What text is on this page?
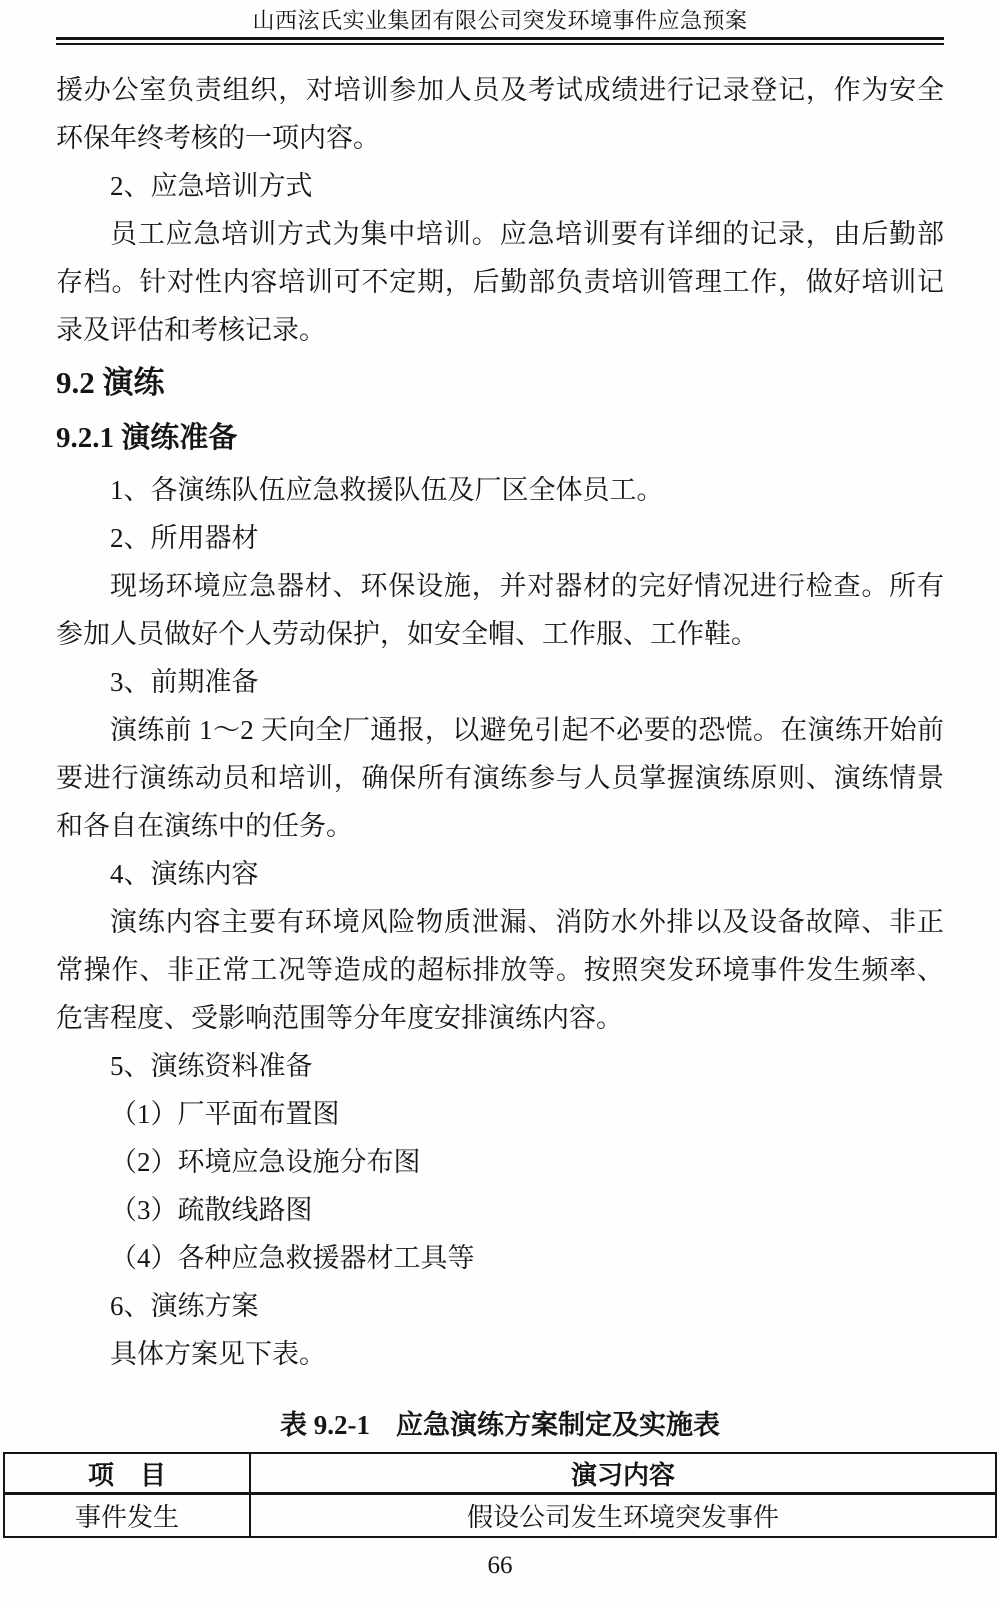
山西泫氏实业集团有限公司突发环境事件应急预案

援办公室负责组织，对培训参加人员及考试成绩进行记录登记，作为安全环保年终考核的一项内容。

2、应急培训方式

员工应急培训方式为集中培训。应急培训要有详细的记录，由后勤部存档。针对性内容培训可不定期，后勤部负责培训管理工作，做好培训记录及评估和考核记录。

9.2 演练
9.2.1 演练准备

1、各演练队伍应急救援队伍及厂区全体员工。

2、所用器材

现场环境应急器材、环保设施，并对器材的完好情况进行检查。所有参加人员做好个人劳动保护，如安全帽、工作服、工作鞋。

3、前期准备

演练前 1～2 天向全厂通报，以避免引起不必要的恐慌。在演练开始前要进行演练动员和培训，确保所有演练参与人员掌握演练原则、演练情景和各自在演练中的任务。

4、演练内容

演练内容主要有环境风险物质泄漏、消防水外排以及设备故障、非正常操作、非正常工况等造成的超标排放等。按照突发环境事件发生频率、危害程度、受影响范围等分年度安排演练内容。

5、演练资料准备

（1）厂平面布置图

（2）环境应急设施分布图

（3）疏散线路图

（4）各种应急救援器材工具等

6、演练方案

具体方案见下表。

表 9.2-1 应急演练方案制定及实施表
项　目	演习内容
事件发生	假设公司发生环境突发事件
66
